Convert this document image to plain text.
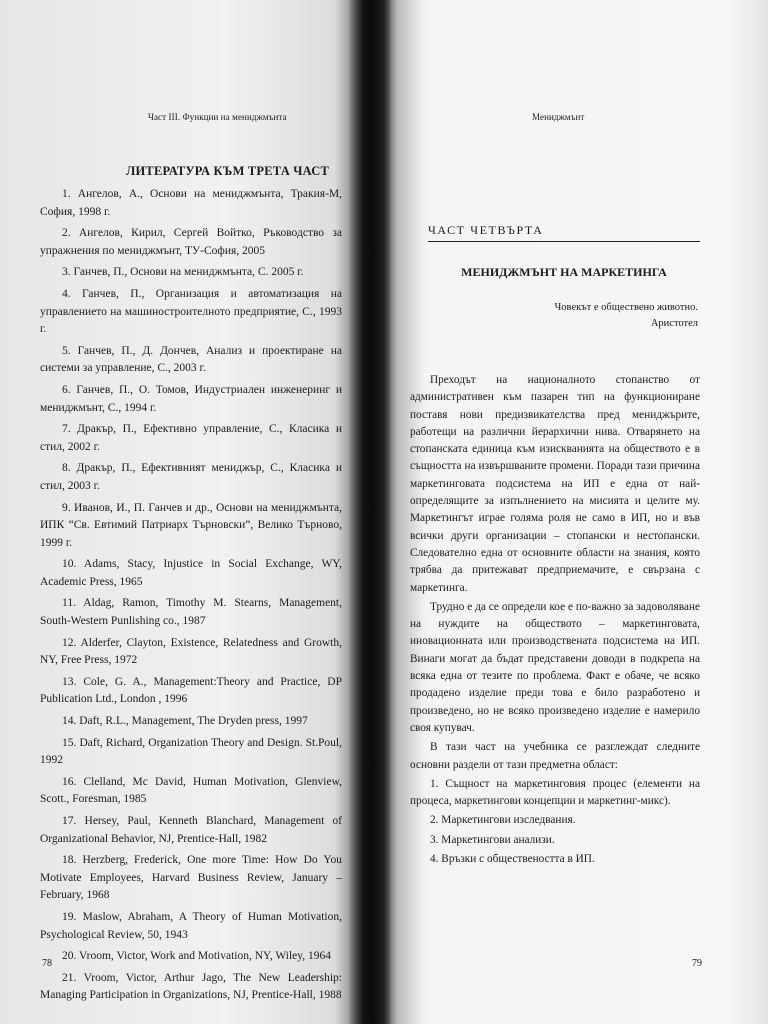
Част III. Функции на мениджмънта
ЛИТЕРАТУРА КЪМ ТРЕТА ЧАСТ

1. Ангелов, А., Основи на мениджмънта, Тракия-М, София, 1998 г.

2. Ангелов, Кирил, Сергей Войтко, Ръководство за упражнения по мениджмънт, ТУ-София, 2005

3. Ганчев, П., Основи на мениджмънта, С. 2005 г.

4. Ганчев, П., Организация и автоматизация на управлението на машиностроителното предприятие, С., 1993 г.

5. Ганчев, П., Д. Дончев, Анализ и проектиране на системи за управление, С., 2003 г.

6. Ганчев, П., О. Томов, Индустриален инженеринг и мениджмънт, С., 1994 г.

7. Дракър, П., Ефективно управление, С., Класика и стил, 2002 г.

8. Дракър, П., Ефективният мениджър, С., Класика и стил, 2003 г.

9. Иванов, И., П. Ганчев и др., Основи на мениджмънта, ИПК “Св. Евтимий Патриарх Търновски”, Велико Търново, 1999 г.

10. Adams, Stacy, Injustice in Social Exchange, WY, Academic Press, 1965

11. Aldag, Ramon, Timothy M. Stearns, Management, South-Western Punlishing co., 1987

12. Alderfer, Clayton, Existence, Relatedness and Growth, NY, Free Press, 1972

13. Cole, G. A., Management:Theory and Practice, DP Publication Ltd., London , 1996

14. Daft, R.L., Management, The Dryden press, 1997

15. Daft, Richard, Organization Theory and Design. St.Poul, 1992

16. Clelland, Mc David, Human Motivation, Glenview, Scott., Foresman, 1985

17. Hersey, Paul, Kenneth Blanchard, Management of Organizational Behavior, NJ, Prentice-Hall, 1982

18. Herzberg, Frederick, One more Time: How Do You Motivate Employees, Harvard Business Review, January – February, 1968

19. Maslow, Abraham, A Theory of Human Motivation, Psychological Review, 50, 1943

20. Vroom, Victor, Work and Motivation, NY, Wiley, 1964

21. Vroom, Victor, Arthur Jago, The New Leadership: Managing Participation in Organizations, NJ, Prentice-Hall, 1988

78
Мениджмънт
ЧАСТ ЧЕТВЪРТА
МЕНИДЖМЪНТ НА МАРКЕТИНГА
Човекът е обществено животно.
Аристотел

Преходът на националното стопанство от административен към пазарен тип на функциониране поставя нови предизвикателства пред мениджърите, работещи на различни йерархични нива. Отварянето на стопанската единица към изискванията на обществото е в същността на извършваните промени. Поради тази причина маркетинговата подсистема на ИП е една от най-определящите за изпълнението на мисията и целите му. Маркетингът играе голяма роля не само в ИП, но и във всички други организации – стопански и нестопански. Следователно една от основните области на знания, която трябва да притежават предприемачите, е свързана с маркетинга.

Трудно е да се определи кое е по-важно за задоволяване на нуждите на обществото – маркетинговата, иновационната или производствената подсистема на ИП. Винаги могат да бъдат представени доводи в подкрепа на всяка една от тезите по проблема. Факт е обаче, че всяко продадено изделие преди това е било разработено и произведено, но не всяко произведено изделие е намерило своя купувач.

В тази част на учебника се разглеждат следните основни раздели от тази предметна област:

1. Същност на маркетинговия процес (елементи на процеса, маркетингови концепции и маркетинг-микс).

2. Маркетингови изследвания.

3. Маркетингови анализи.

4. Връзки с обществеността в ИП.

79
